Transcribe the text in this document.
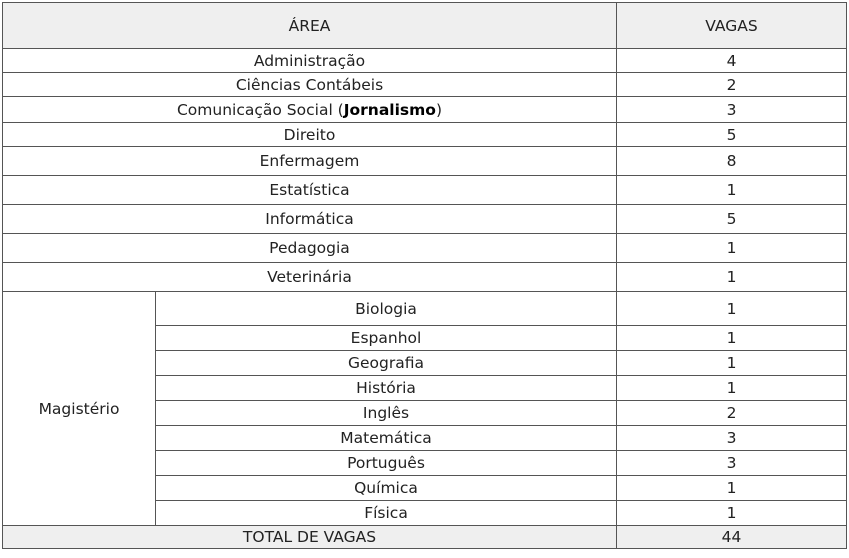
ÁREA		VAGAS
Administração		4
Ciências Contábeis		2
Comunicação Social (Jornalismo)		3
Direito		5
Enfermagem		8
Estatística		1
Informática		5
Pedagogia		1
Veterinária		1
Magistério	Biologia	1
	Espanhol	1
	Geografia	1
	História	1
	Inglês	2
	Matemática	3
	Português	3
	Química	1
	Física	1
TOTAL DE VAGAS		44
